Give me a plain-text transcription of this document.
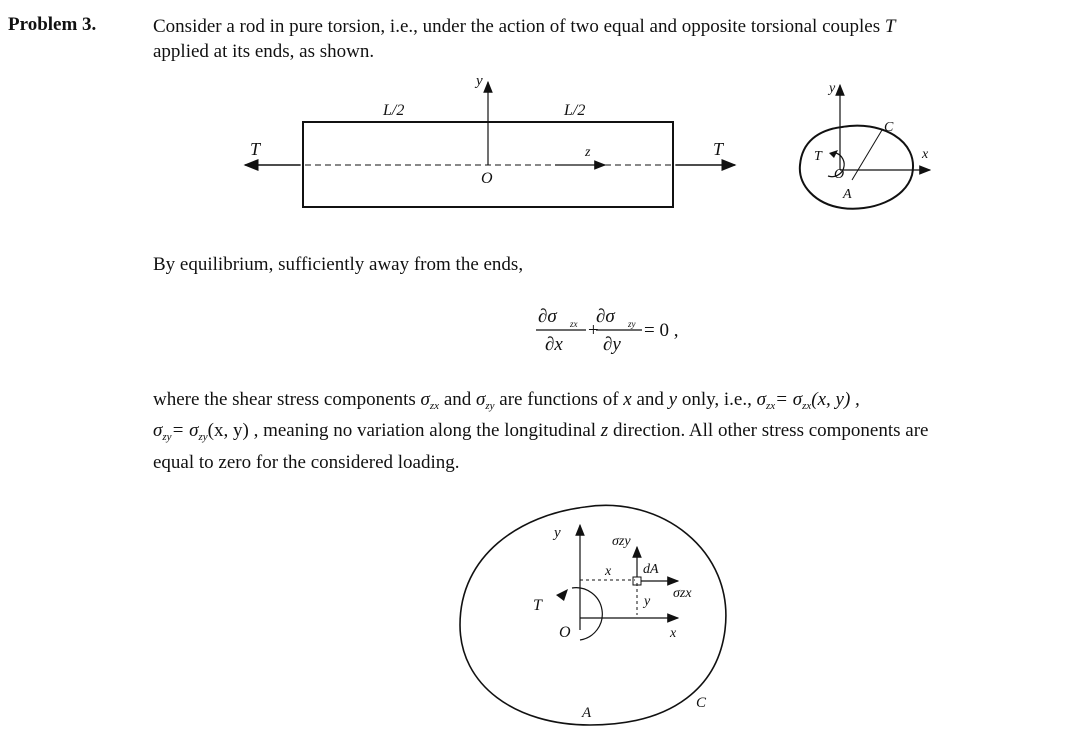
Problem 3.	Consider a rod in pure torsion, i.e., under the action of two equal and opposite torsional couples T
applied at its ends, as shown.
T	T
L/2	L/2
y
z
O
y
x
T
O
A
C
By equilibrium, sufficiently away from the ends,
∂σ zx
∂x
+
∂σ zy
∂y
= 0 ,
where the shear stress components $\sigma_{zx}$ and $\sigma_{zy}$ are functions of x and y only, i.e., $\sigma_{zx}= \sigma_{zx}(x$, y) ,
$\sigma_{zy}= \sigma_{zy}(x$, y) , meaning no variation along the longitudinal z direction. All other stress components are
equal to zero for the considered loading.
y
σzy
x dA
σzx
y
T
O	x
A
C
